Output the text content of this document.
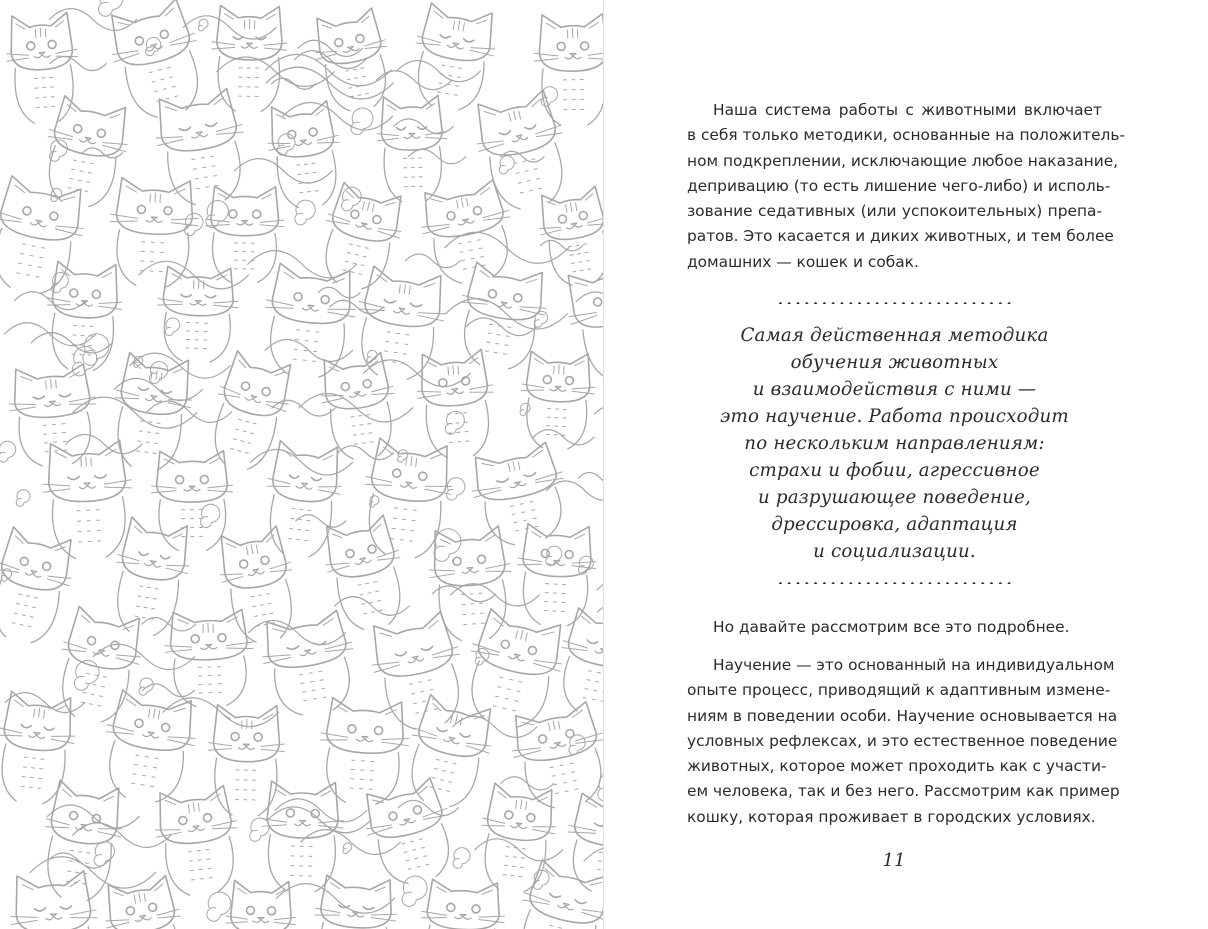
Наша система работы с животными включает
в себя только методики, основанные на положитель-
ном подкреплении, исключающие любое наказание,
депривацию (то есть лишение чего-либо) и исполь-
зование седативных (или успокоительных) препа-
ратов. Это касается и диких животных, и тем более
домашних — кошек и собак.
Самая действенная методика
обучения животных
и взаимодействия с ними —
это научение. Работа происходит
по нескольким направлениям:
страхи и фобии, агрессивное
и разрушающее поведение,
дрессировка, адаптация
и социализации.
Но давайте рассмотрим все это подробнее.
Научение — это основанный на индивидуальном
опыте процесс, приводящий к адаптивным измене-
ниям в поведении особи. Научение основывается на
условных рефлексах, и это естественное поведение
животных, которое может проходить как с участи-
ем человека, так и без него. Рассмотрим как пример
кошку, которая проживает в городских условиях.
11
